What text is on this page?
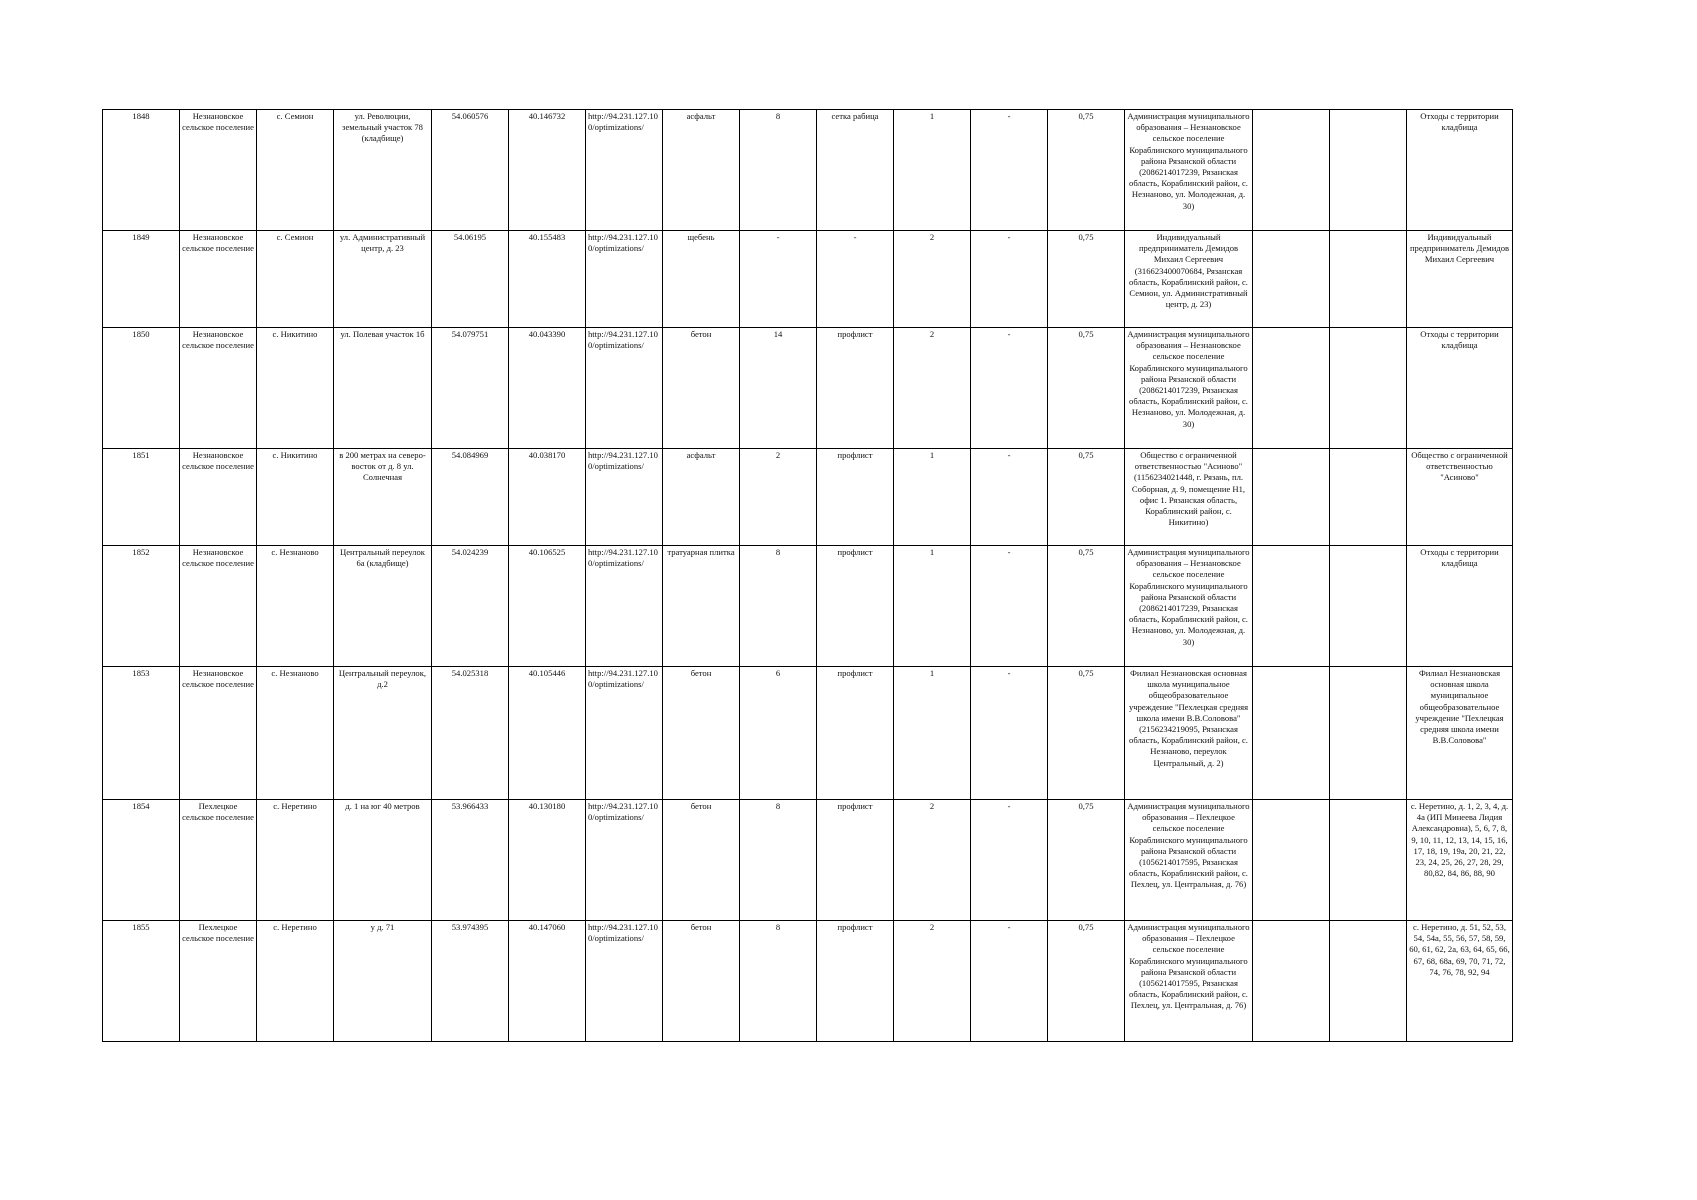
1848	Незнановское сельское поселение	с. Семион	ул. Революции, земельный участок 78 (кладбище)	54.060576	40.146732	http://94.231.127.10 0/optimizations/	асфальт	8	сетка рабица	1	-	0,75	Администрация муниципального образования – Незнановское сельское поселение Кораблинского муниципального района Рязанской области (2086214017239, Рязанская область, Кораблинский район, с. Незнаново, ул. Молодежная, д. 30)			Отходы с территории кладбища
1849	Незнановское сельское поселение	с. Семион	ул. Административный центр, д. 23	54.06195	40.155483	http://94.231.127.10 0/optimizations/	щебень	-	-	2	-	0,75	Индивидуальный предприниматель Демидов Михаил Сергеевич (316623400070684, Рязанская область, Кораблинский район, с. Семион, ул. Административный центр, д. 23)			Индивидуальный предприниматель Демидов Михаил Сергеевич
1850	Незнановское сельское поселение	с. Никитино	ул. Полевая участок 1б	54.079751	40.043390	http://94.231.127.10 0/optimizations/	бетон	14	профлист	2	-	0,75	Администрация муниципального образования – Незнановское сельское поселение Кораблинского муниципального района Рязанской области (2086214017239, Рязанская область, Кораблинский район, с. Незнаново, ул. Молодежная, д. 30)			Отходы с территории кладбища
1851	Незнановское сельское поселение	с. Никитино	в 200 метрах на северо-восток от д. 8 ул. Солнечная	54.084969	40.038170	http://94.231.127.10 0/optimizations/	асфальт	2	профлист	1	-	0,75	Общество с ограниченной ответственностью "Асиново"(1156234021448, г. Рязань, пл. Соборная, д. 9, помещение Н1, офис 1. Рязанская область, Кораблинский район, с. Никитино)			Общество с ограниченной ответственностью "Асиново"
1852	Незнановское сельское поселение	с. Незнаново	Центральный переулок 6а (кладбище)	54.024239	40.106525	http://94.231.127.10 0/optimizations/	тратуарная плитка	8	профлист	1	-	0,75	Администрация муниципального образования – Незнановское сельское поселение Кораблинского муниципального района Рязанской области (2086214017239, Рязанская область, Кораблинский район, с. Незнаново, ул. Молодежная, д. 30)			Отходы с территории кладбища
1853	Незнановское сельское поселение	с. Незнаново	Центральный переулок, д.2	54.025318	40.105446	http://94.231.127.10 0/optimizations/	бетон	6	профлист	1	-	0,75	Филиал Незнановская основная школа муниципальное общеобразовательное учреждение "Пехлецкая средняя школа имени В.В.Соловова" (2156234219095, Рязанская область, Кораблинский район, с. Незнаново, переулок Центральный, д. 2)			Филиал Незнановская основная школа муниципальное общеобразовательное учреждение "Пехлецкая средняя школа имени В.В.Соловова"
1854	Пехлецкое сельское поселение	с. Неретино	д. 1 на юг 40 метров	53.966433	40.130180	http://94.231.127.10 0/optimizations/	бетон	8	профлист	2	-	0,75	Администрация муниципального образования – Пехлецкое сельское поселение Кораблинского муниципального района Рязанской области (1056214017595, Рязанская область, Кораблинский район, с. Пехлец, ул. Центральная, д. 76)			с. Неретино, д. 1, 2, 3, 4, д. 4а (ИП Минеева Лидия Александровна), 5, 6, 7, 8, 9, 10, 11, 12, 13, 14, 15, 16, 17, 18, 19, 19а, 20, 21, 22, 23, 24, 25, 26, 27, 28, 29, 80,82, 84, 86, 88, 90
1855	Пехлецкое сельское поселение	с. Неретино	у д. 71	53.974395	40.147060	http://94.231.127.10 0/optimizations/	бетон	8	профлист	2	-	0,75	Администрация муниципального образования – Пехлецкое сельское поселение Кораблинского муниципального района Рязанской области (1056214017595, Рязанская область, Кораблинский район, с. Пехлец, ул. Центральная, д. 76)			с. Неретино, д. 51, 52, 53, 54, 54а, 55, 56, 57, 58, 59, 60, 61, 62, 2а, 63, 64, 65, 66, 67, 68, 68а, 69, 70, 71, 72, 74, 76, 78, 92, 94
